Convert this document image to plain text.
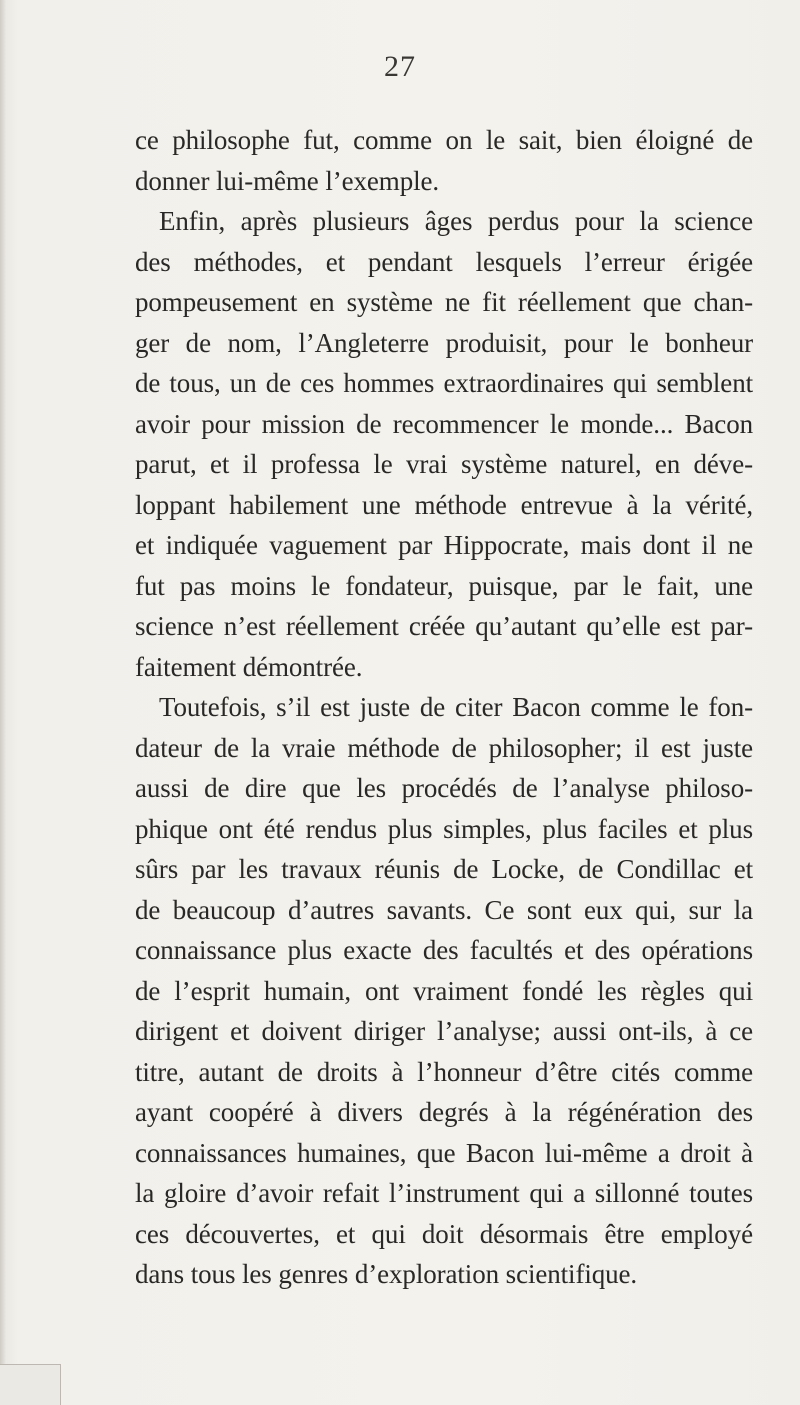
27
ce philosophe fut, comme on le sait, bien éloigné de
donner lui-même l’exemple.
Enfin, après plusieurs âges perdus pour la science
des méthodes, et pendant lesquels l’erreur érigée
pompeusement en système ne fit réellement que chan-
ger de nom, l’Angleterre produisit, pour le bonheur
de tous, un de ces hommes extraordinaires qui semblent
avoir pour mission de recommencer le monde... Bacon
parut, et il professa le vrai système naturel, en déve-
loppant habilement une méthode entrevue à la vérité,
et indiquée vaguement par Hippocrate, mais dont il ne
fut pas moins le fondateur, puisque, par le fait, une
science n’est réellement créée qu’autant qu’elle est par-
faitement démontrée.
Toutefois, s’il est juste de citer Bacon comme le fon-
dateur de la vraie méthode de philosopher; il est juste
aussi de dire que les procédés de l’analyse philoso-
phique ont été rendus plus simples, plus faciles et plus
sûrs par les travaux réunis de Locke, de Condillac et
de beaucoup d’autres savants. Ce sont eux qui, sur la
connaissance plus exacte des facultés et des opérations
de l’esprit humain, ont vraiment fondé les règles qui
dirigent et doivent diriger l’analyse; aussi ont-ils, à ce
titre, autant de droits à l’honneur d’être cités comme
ayant coopéré à divers degrés à la régénération des
connaissances humaines, que Bacon lui-même a droit à
la gloire d’avoir refait l’instrument qui a sillonné toutes
ces découvertes, et qui doit désormais être employé
dans tous les genres d’exploration scientifique.
